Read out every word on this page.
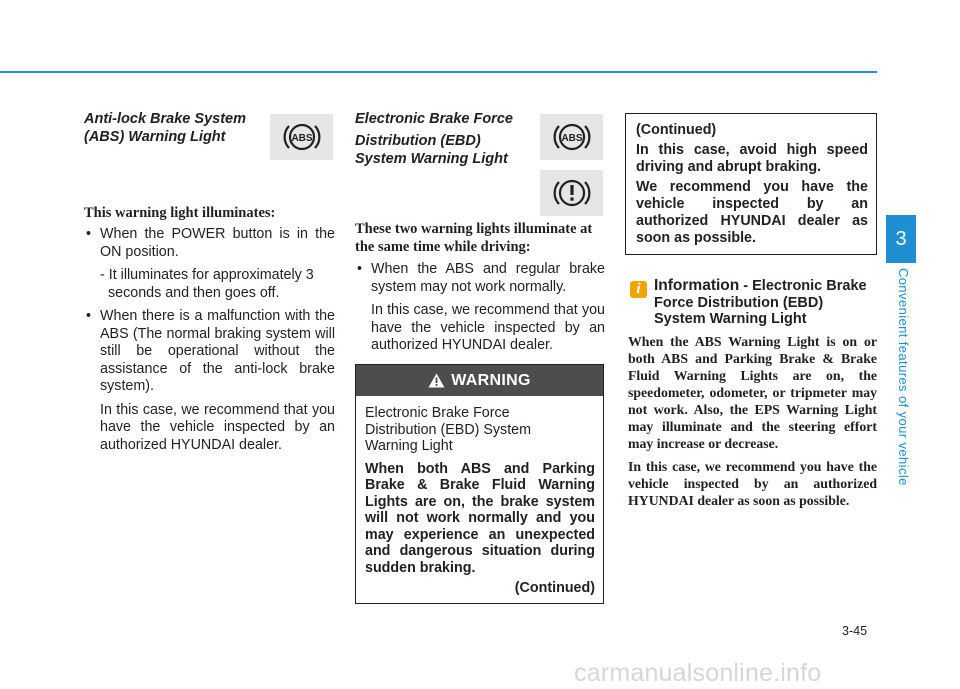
Anti-lock Brake System (ABS) Warning Light

This warning light illuminates:
• When the POWER button is in the ON position.
- It illuminates for approximately 3 seconds and then goes off.
• When there is a malfunction with the ABS (The normal braking system will still be operational without the assistance of the anti-lock brake system).
In this case, we recommend that you have the vehicle inspected by an authorized HYUNDAI dealer.
ABS

Electronic Brake Force

Distribution (EBD)

System Warning Light

These two warning lights illuminate at the same time while driving:
• When the ABS and regular brake system may not work normally.
In this case, we recommend that you have the vehicle inspected by an authorized HYUNDAI dealer.
ABS
WARNING
Electronic Brake Force Distribution (EBD) System Warning Light
When both ABS and Parking Brake & Brake Fluid Warning Lights are on, the brake system will not work normally and you may experience an unexpected and dangerous situation during sudden braking.
(Continued)
(Continued)
In this case, avoid high speed driving and abrupt braking.
We recommend you have the vehicle inspected by an authorized HYUNDAI dealer as soon as possible.
i Information - Electronic Brake Force Distribution (EBD) System Warning Light

When the ABS Warning Light is on or both ABS and Parking Brake & Brake Fluid Warning Lights are on, the speedometer, odometer, or tripmeter may not work. Also, the EPS Warning Light may illuminate and the steering effort may increase or decrease.

In this case, we recommend you have the vehicle inspected by an authorized HYUNDAI dealer as soon as possible.

3
Convenient features of your vehicle
3-45
carmanualsonline.info
